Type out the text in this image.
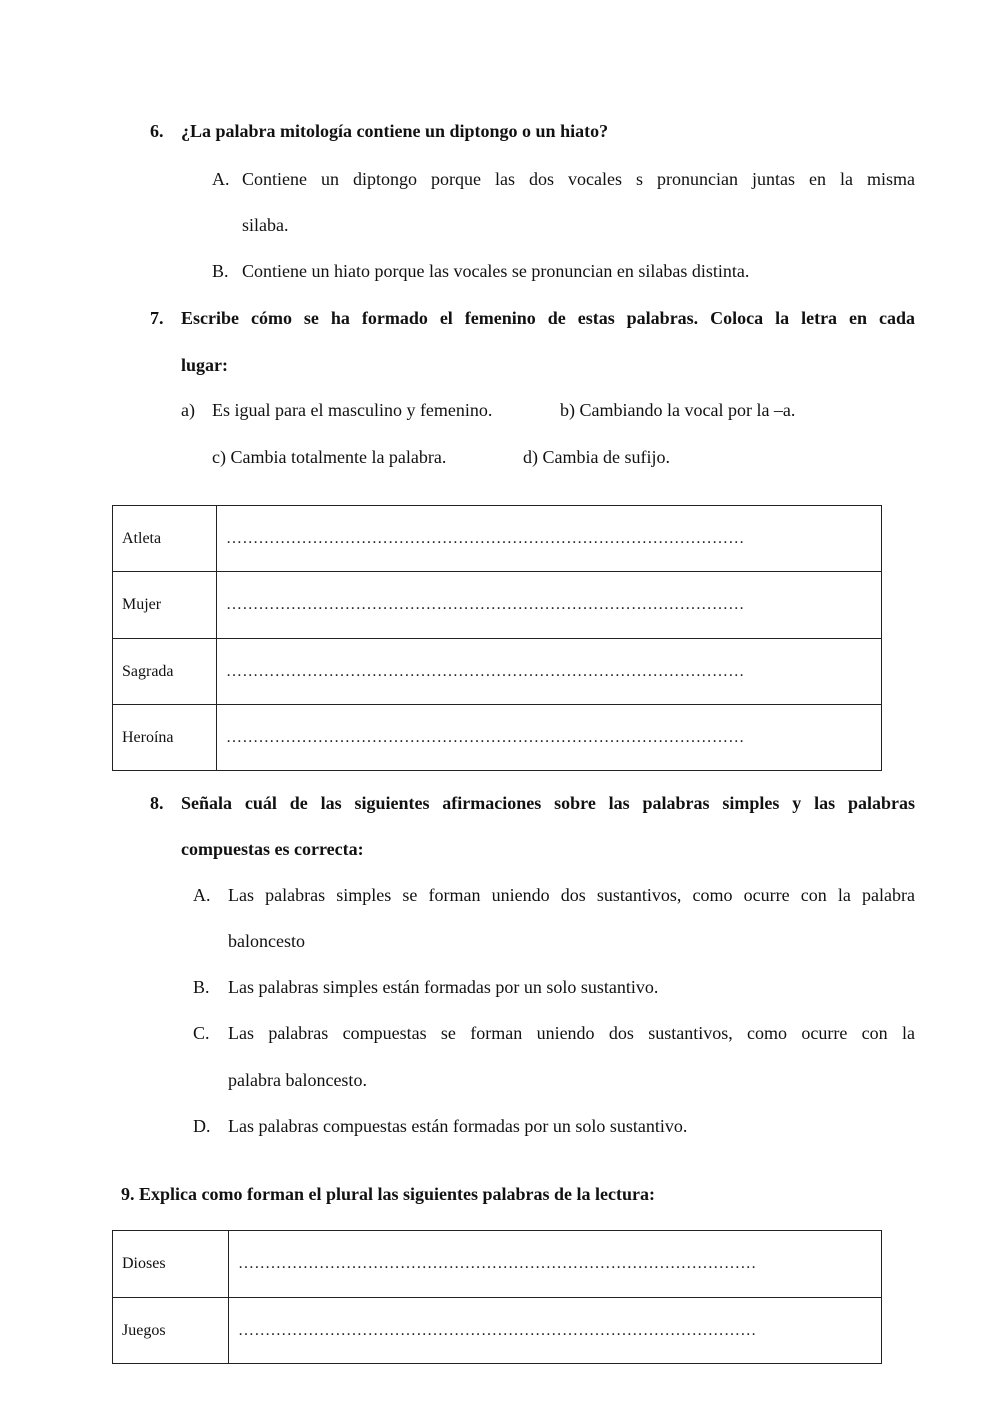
6. ¿La palabra mitología contiene un diptongo o un hiato?
A. Contiene un diptongo porque las dos vocales s pronuncian juntas en la misma
silaba.
B. Contiene un hiato porque las vocales se pronuncian en silabas distinta.
7. Escribe cómo se ha formado el femenino de estas palabras. Coloca la letra en cada
lugar:
a) Es igual para el masculino y femenino.	b) Cambiando la vocal por la –a.
c) Cambia totalmente la palabra.	d) Cambia de sufijo.
Atleta	……………………………………………………………………………………
Mujer	……………………………………………………………………………………
Sagrada	……………………………………………………………………………………
Heroína	……………………………………………………………………………………
8. Señala cuál de las siguientes afirmaciones sobre las palabras simples y las palabras
compuestas es correcta:
A. Las palabras simples se forman uniendo dos sustantivos, como ocurre con la palabra
baloncesto
B. Las palabras simples están formadas por un solo sustantivo.
C. Las palabras compuestas se forman uniendo dos sustantivos, como ocurre con la
palabra baloncesto.
D. Las palabras compuestas están formadas por un solo sustantivo.
9. Explica como forman el plural las siguientes palabras de la lectura:
Dioses	……………………………………………………………………………………
Juegos	……………………………………………………………………………………
